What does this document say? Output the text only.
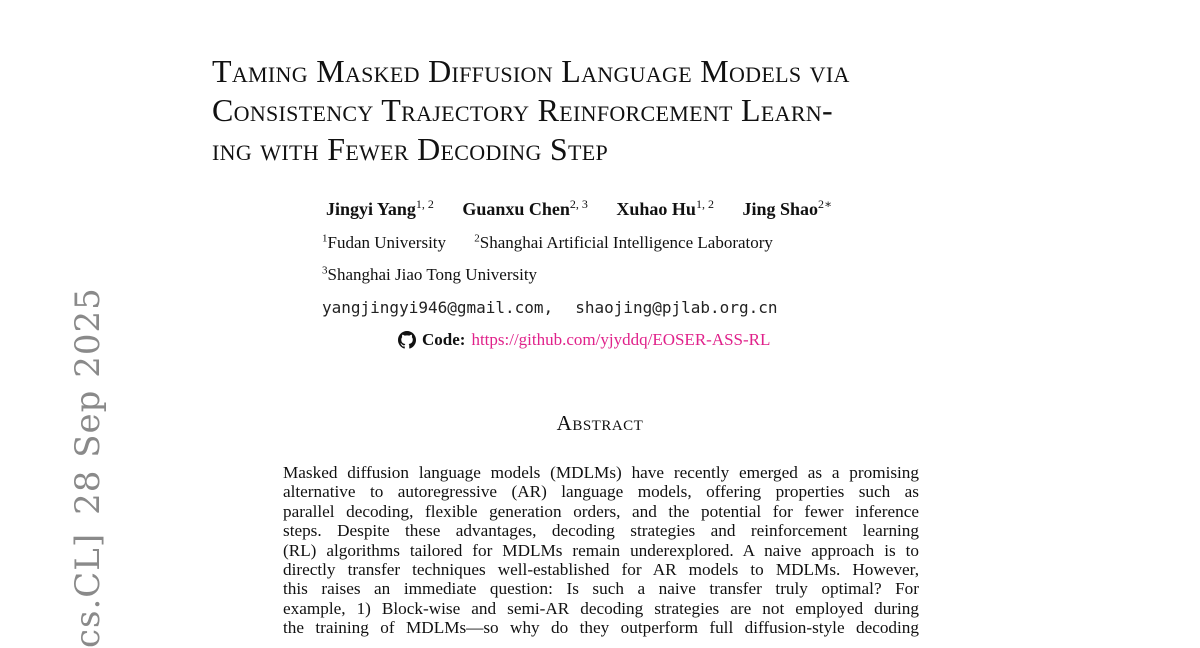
cs.CL]28 Sep 2025
Taming Masked Diffusion Language Models via
Consistency Trajectory Reinforcement Learn-
ing with Fewer Decoding Step
Jingyi Yang$^{1, 2}$ Guanxu Chen$^{2, 3}$ Xuhao Hu$^{1, 2}$ Jing Shao$^{2∗}$
$^1$Fudan University	$^2$Shanghai Artificial Intelligence Laboratory
$^3$Shanghai Jiao Tong University
yangjingyi946@gmail.com, shaojing@pjlab.org.cn
Code: https://github.com/yjyddq/EOSER-ASS-RL
Abstract
Masked diffusion language models (MDLMs) have recently emerged as a promising
alternative to autoregressive (AR) language models, offering properties such as
parallel decoding, flexible generation orders, and the potential for fewer inference
steps. Despite these advantages, decoding strategies and reinforcement learning
(RL) algorithms tailored for MDLMs remain underexplored. A naive approach is to
directly transfer techniques well-established for AR models to MDLMs. However,
this raises an immediate question: Is such a naive transfer truly optimal? For
example, 1) Block-wise and semi-AR decoding strategies are not employed during
the training of MDLMs—so why do they outperform full diffusion-style decoding
